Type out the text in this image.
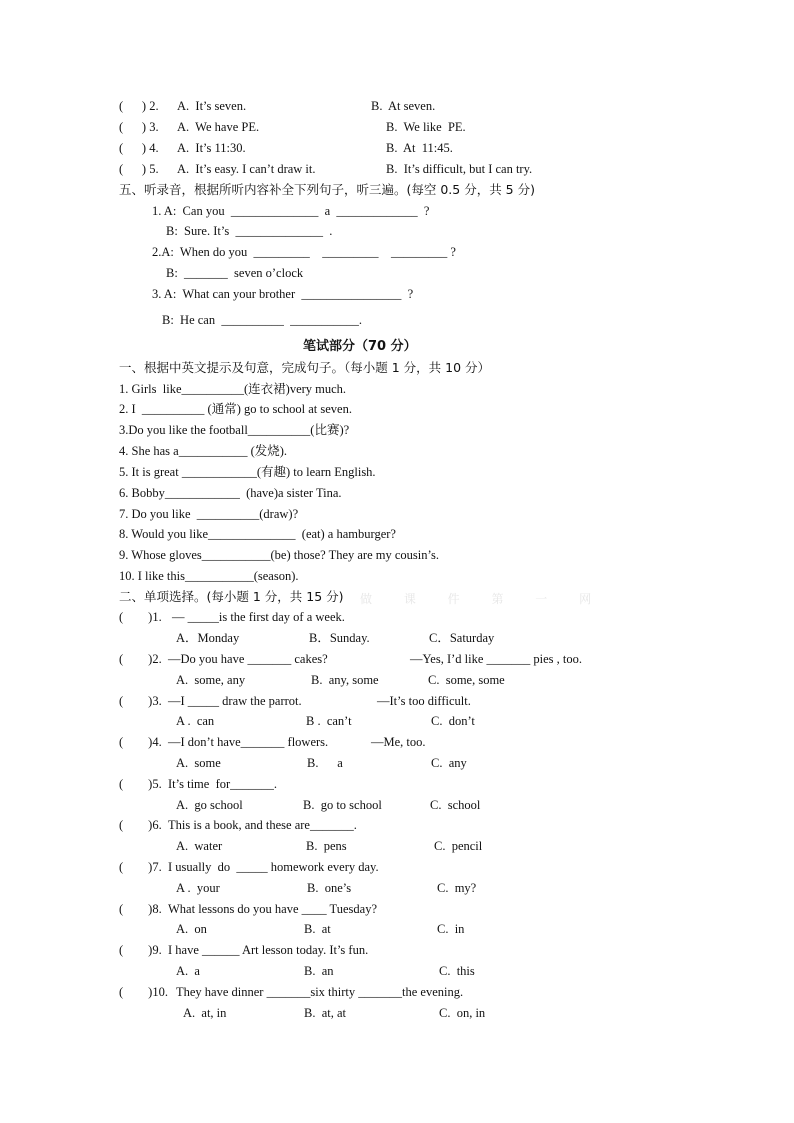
(      ) 2. A.  It’s seven.	B.  At seven.
(      ) 3. A.  We have PE.	B.  We like  PE.
(      ) 4. A.  It’s 11:30.	B.  At  11:45.
(      ) 5. A.  It’s easy. I can’t draw it.	B.  It’s difficult, but I can try.
五、听录音，根据所听内容补全下列句子，听三遍。(每空 0.5 分，共 5 分)
1. A:  Can you  ______________  a  _____________  ?
B:  Sure. It’s  ______________  .
2.A:  When do you  _________    _________    _________ ?
B:  _______  seven o’clock
3. A:  What can your brother  ________________  ?
B:  He can  __________  ___________.
笔试部分（70 分）
一、根据中英文提示及句意，完成句子。（每小题 1 分，共 10 分）
1. Girls  like__________(连衣裙)very much.
2. I  __________ (通常) go to school at seven.
3.Do you like the football__________(比赛)?
4. She has a___________ (发烧).
5. It is great ____________(有趣) to learn English.
6. Bobby____________  (have)a sister Tina.
7. Do you like  __________(draw)?
8. Would you like______________  (eat) a hamburger?
9. Whose gloves___________(be) those? They are my cousin’s.
10. I like this___________(season).
二、单项选择。(每小题 1 分，共 15 分) 做 课 件 第 一 网
(        )1. — _____is the first day of a week.
A．Monday	B．Sunday.	C．Saturday
(        )2. —Do you have _______ cakes?	—Yes, I’d like _______ pies , too.
A.  some, any	B.  any, some	C.  some, some
(        )3. —I _____ draw the parrot.	—It’s too difficult.
A .  can	B .  can’t	C.  don’t
(        )4. —I don’t have_______ flowers.	—Me, too.
A.  some	B.      a	C.  any
(        )5. It’s time  for_______.
A.  go school	B.  go to school	C.  school
(        )6. This is a book, and these are_______.
A.  water	B.  pens	C.  pencil
(        )7. I usually  do  _____ homework every day.
A .  your	B.  one’s	C.  my?
(        )8. What lessons do you have ____ Tuesday?
A.  on	B.  at	C.  in
(        )9. I have ______ Art lesson today. It’s fun.
A.  a	B.  an	C.  this
(        )10. They have dinner _______six thirty _______the evening.
A.  at, in	B.  at, at	C.  on, in
